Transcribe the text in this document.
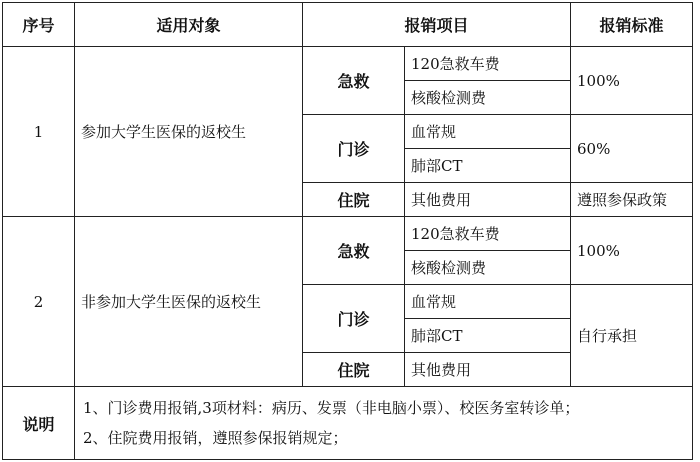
序号	适用对象	报销项目		报销标准
1	参加大学生医保的返校生	急救	120急救车费	100%
			核酸检测费	
		门诊	血常规	60%
			肺部CT	
		住院	其他费用	遵照参保政策
2	非参加大学生医保的返校生	急救	120急救车费	100%
			核酸检测费	
		门诊	血常规	自行承担
			肺部CT	
		住院	其他费用	
说明	1、门诊费用报销,3项材料：病历、发票（非电脑小票）、校医务室转诊单；
2、住院费用报销，遵照参保报销规定；			
